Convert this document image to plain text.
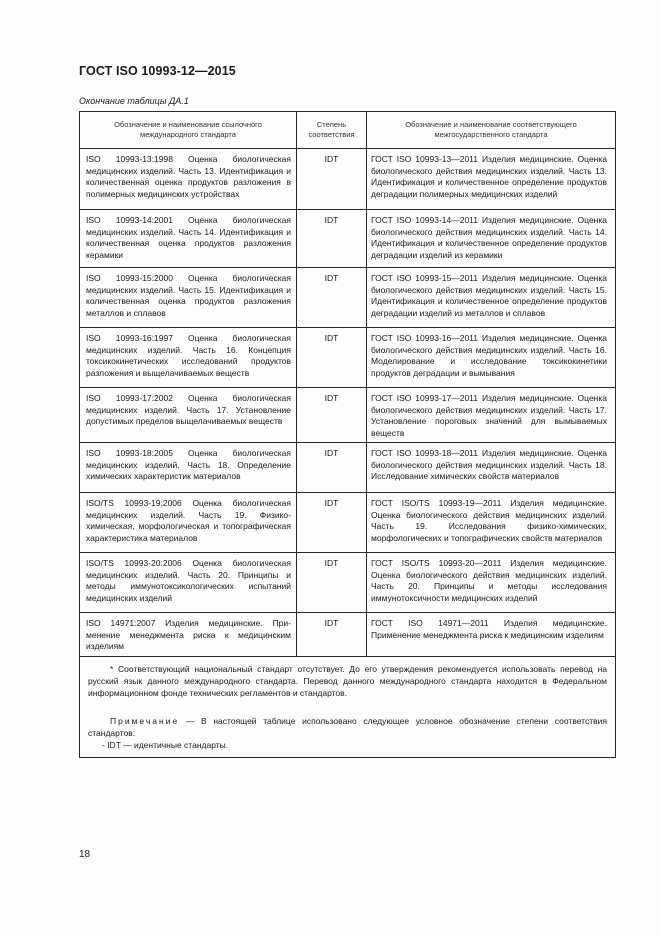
ГОСТ ISO 10993-12—2015
Окончание таблицы ДА.1
Обозначение и наименование ссылочного международного стандарта	Степень соответствия	Обозначение и наименование соответствующего межгосударственного стандарта
ISO 10993-13:1998 Оценка биологическая медицинских изделий. Часть 13. Идентификация и количественная оценка продуктов разложения в полимерных медицинских устройствах	IDT	ГОСТ ISO 10993-13—2011 Изделия медицинские. Оценка биологического действия медицинских изделий. Часть 13. Идентификация и количественное определение продуктов деградации полимерных медицинских изделий
ISO 10993-14:2001 Оценка биологическая медицинских изделий. Часть 14. Идентификация и количественная оценка продуктов разложения керамики	IDT	ГОСТ ISO 10993-14—2011 Изделия медицинские. Оценка биологического действия медицинских изделий. Часть 14. Идентификация и количественное определение продуктов деградации изделий из керамики
ISO 10993-15:2000 Оценка биологическая медицинских изделий. Часть 15. Идентификация и количественная оценка продуктов разложения металлов и сплавов	IDT	ГОСТ ISO 10993-15—2011 Изделия медицинские. Оценка биологического действия медицинских изделий. Часть 15. Идентификация и количественное определение продуктов деградации изделий из металлов и сплавов
ISO 10993-16:1997 Оценка биологическая медицинских изделий. Часть 16. Концепция токсикокинетических исследований продуктов разложения и выщелачиваемых веществ	IDT	ГОСТ ISO 10993-16—2011 Изделия медицинские. Оценка биологического действия медицинских изделий. Часть 16. Моделирование и исследование токсикокинетики продуктов деградации и вымывания
ISO 10993-17:2002 Оценка биологическая медицинских изделий. Часть 17. Установление допустимых пределов выщелачиваемых веществ	IDT	ГОСТ ISO 10993-17—2011 Изделия медицинские. Оценка биологического действия медицинских изделий. Часть 17. Установление пороговых значений для вымываемых веществ
ISO 10993-18:2005 Оценка биологическая медицинских изделий. Часть 18. Определение химических характеристик материалов	IDT	ГОСТ ISO 10993-18—2011 Изделия медицинские. Оценка биологического действия медицинских изделий. Часть 18. Исследование химических свойств материалов
ISO/TS 10993-19:2006 Оценка биологическая медицинских изделий. Часть 19. Физико-химическая, морфологическая и топографическая характеристика материалов	IDT	ГОСТ ISO/TS 10993-19—2011 Изделия медицинские. Оценка биологического действия медицинских изделий. Часть 19. Исследования физико-химических, морфологических и топографических свойств материалов
ISO/TS 10993-20:2006 Оценка биологическая медицинских изделий. Часть 20. Принципы и методы иммунотоксикологических испытаний медицинских изделий	IDT	ГОСТ ISO/TS 10993-20—2011 Изделия медицинские. Оценка биологического действия медицинских изделий. Часть 20. Принципы и методы исследования иммунотоксичности медицинских изделий
ISO 14971:2007 Изделия медицинские. Применение менеджмента риска к медицинским изделиям	IDT	ГОСТ ISO 14971—2011 Изделия медицинские. Применение менеджмента риска к медицинским изделиям

* Соответствующий национальный стандарт отсутствует. До его утверждения рекомендуется использовать перевод на русский язык данного международного стандарта. Перевод данного международного стандарта находится в Федеральном информационном фонде технических регламентов и стандартов.

Примечание — В настоящей таблице использовано следующее условное обозначение степени соответствия стандартов:

- IDT — идентичные стандарты.		

18
